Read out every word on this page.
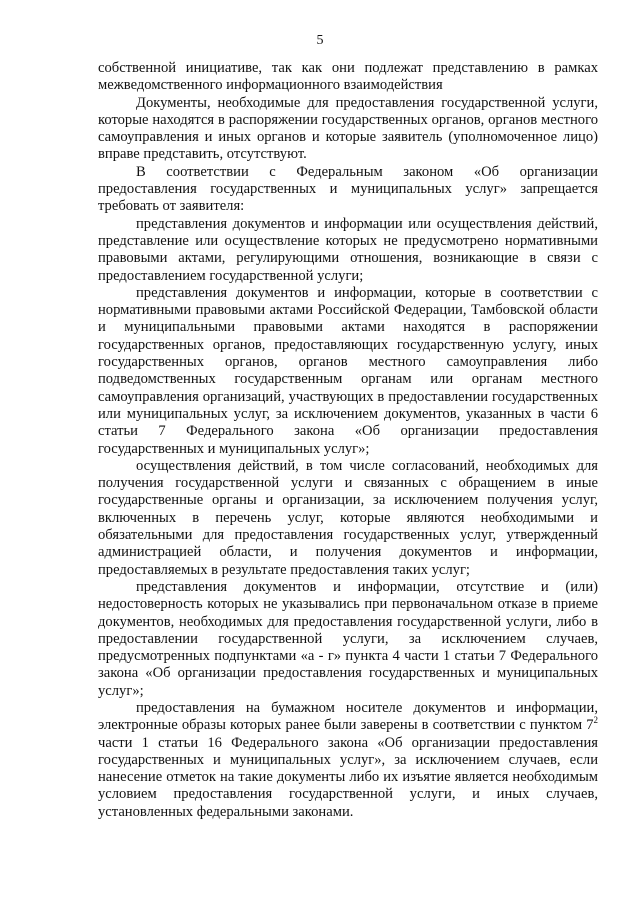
5

собственной инициативе, так как они подлежат представлению в рамках межведомственного информационного взаимодействия

Документы, необходимые для предоставления государственной услуги, которые находятся в распоряжении государственных органов, органов местного самоуправления и иных органов и которые заявитель (уполномоченное лицо) вправе представить, отсутствуют.

В соответствии с Федеральным законом «Об организации предоставления государственных и муниципальных услуг» запрещается требовать от заявителя:

представления документов и информации или осуществления действий, представление или осуществление которых не предусмотрено нормативными правовыми актами, регулирующими отношения, возникающие в связи с предоставлением государственной услуги;

представления документов и информации, которые в соответствии с нормативными правовыми актами Российской Федерации, Тамбовской области и муниципальными правовыми актами находятся в распоряжении государственных органов, предоставляющих государственную услугу, иных государственных органов, органов местного самоуправления либо подведомственных государственным органам или органам местного самоуправления организаций, участвующих в предоставлении государственных или муниципальных услуг, за исключением документов, указанных в части 6 статьи 7 Федерального закона «Об организации предоставления государственных и муниципальных услуг»;

осуществления действий, в том числе согласований, необходимых для получения государственной услуги и связанных с обращением в иные государственные органы и организации, за исключением получения услуг, включенных в перечень услуг, которые являются необходимыми и обязательными для предоставления государственных услуг, утвержденный администрацией области, и получения документов и информации, предоставляемых в результате предоставления таких услуг;

представления документов и информации, отсутствие и (или) недостоверность которых не указывались при первоначальном отказе в приеме документов, необходимых для предоставления государственной услуги, либо в предоставлении государственной услуги, за исключением случаев, предусмотренных подпунктами «а - г» пункта 4 части 1 статьи 7 Федерального закона «Об организации предоставления государственных и муниципальных услуг»;

предоставления на бумажном носителе документов и информации, электронные образы которых ранее были заверены в соответствии с пунктом $7^2$ части 1 статьи 16 Федерального закона «Об организации предоставления государственных и муниципальных услуг», за исключением случаев, если нанесение отметок на такие документы либо их изъятие является необходимым условием предоставления государственной услуги, и иных случаев, установленных федеральными законами.
